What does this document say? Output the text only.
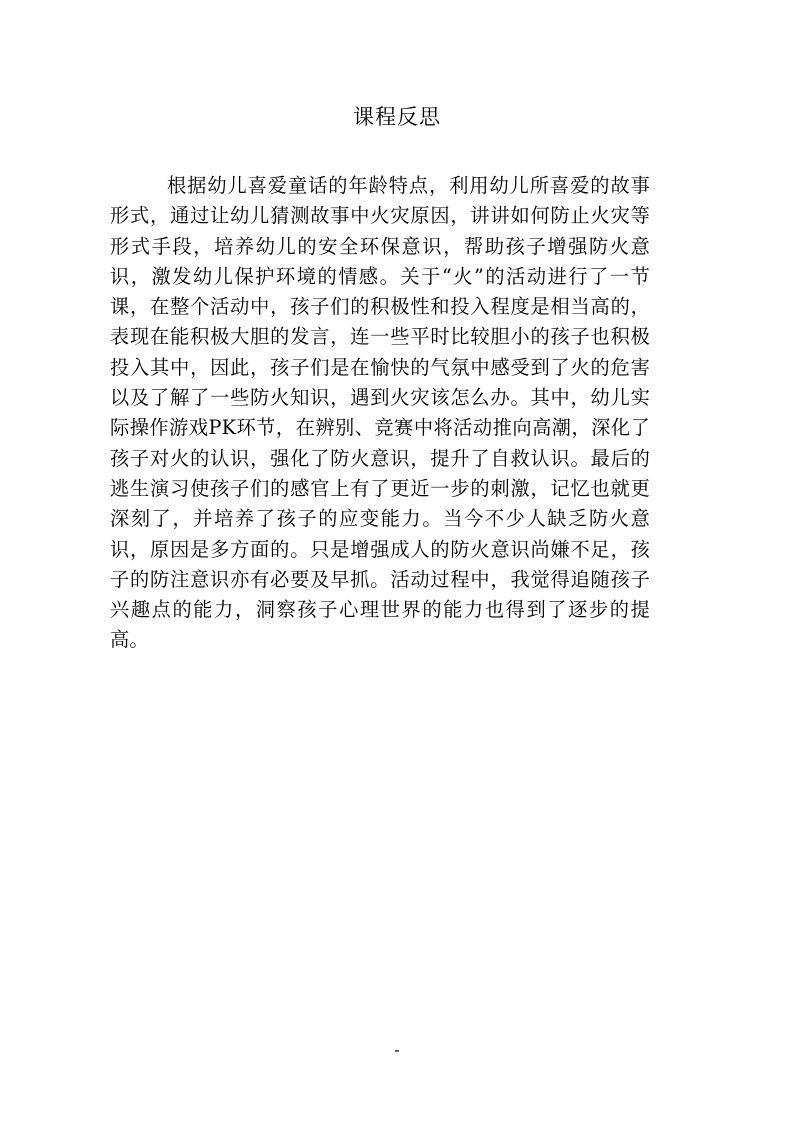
课程反思

根据幼儿喜爱童话的年龄特点，利用幼儿所喜爱的故事形式，通过让幼儿猜测故事中火灾原因，讲讲如何防止火灾等形式手段，培养幼儿的安全环保意识，帮助孩子增强防火意识，激发幼儿保护环境的情感。关于“火”的活动进行了一节课，在整个活动中，孩子们的积极性和投入程度是相当高的，表现在能积极大胆的发言，连一些平时比较胆小的孩子也积极投入其中，因此，孩子们是在愉快的气氛中感受到了火的危害以及了解了一些防火知识，遇到火灾该怎么办。其中，幼儿实际操作游戏PK环节，在辨别、竞赛中将活动推向高潮，深化了孩子对火的认识，强化了防火意识，提升了自救认识。最后的逃生演习使孩子们的感官上有了更近一步的刺激，记忆也就更深刻了，并培养了孩子的应变能力。当今不少人缺乏防火意识，原因是多方面的。只是增强成人的防火意识尚嫌不足，孩子的防注意识亦有必要及早抓。活动过程中，我觉得追随孩子兴趣点的能力，洞察孩子心理世界的能力也得到了逐步的提高。

-
